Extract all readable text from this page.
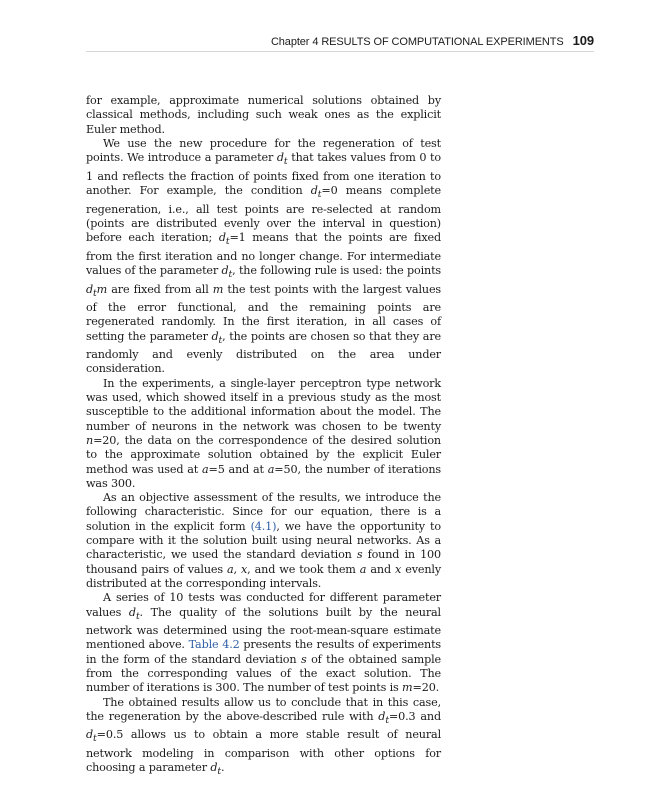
Chapter 4 RESULTS OF COMPUTATIONAL EXPERIMENTS 109

for example, approximate numerical solutions obtained by classical methods, including such weak ones as the explicit Euler method.

We use the new procedure for the regeneration of test points. We introduce a parameter $d_t$ that takes values from 0 to 1 and reflects the fraction of points fixed from one iteration to another. For example, the condition $d_t=0$ means complete regeneration, i.e., all test points are re-selected at random (points are distributed evenly over the interval in question) before each iteration; $d_t=1$ means that the points are fixed from the first iteration and no longer change. For intermediate values of the parameter $d_t$, the following rule is used: the points $d_tm$ are fixed from all m the test points with the largest values of the error functional, and the remaining points are regenerated randomly. In the first iteration, in all cases of setting the parameter $d_t$, the points are chosen so that they are randomly and evenly distributed on the area under consideration.

In the experiments, a single-layer perceptron type network was used, which showed itself in a previous study as the most susceptible to the additional information about the model. The number of neurons in the network was chosen to be twenty n=20, the data on the correspondence of the desired solution to the approximate solution obtained by the explicit Euler method was used at a=5 and at a=50, the number of iterations was 300.

As an objective assessment of the results, we introduce the following characteristic. Since for our equation, there is a solution in the explicit form (4.1), we have the opportunity to compare with it the solution built using neural networks. As a characteristic, we used the standard deviation s found in 100 thousand pairs of values a, x, and we took them a and x evenly distributed at the corresponding intervals.

A series of 10 tests was conducted for different parameter values $d_t$. The quality of the solutions built by the neural network was determined using the root-mean-square estimate mentioned above. Table 4.2 presents the results of experiments in the form of the standard deviation s of the obtained sample from the corresponding values of the exact solution. The number of iterations is 300. The number of test points is m=20.

The obtained results allow us to conclude that in this case, the regeneration by the above-described rule with $d_t=0.3$ and $d_t=0.5$ allows us to obtain a more stable result of neural network modeling in comparison with other options for choosing a parameter $d_t$.
